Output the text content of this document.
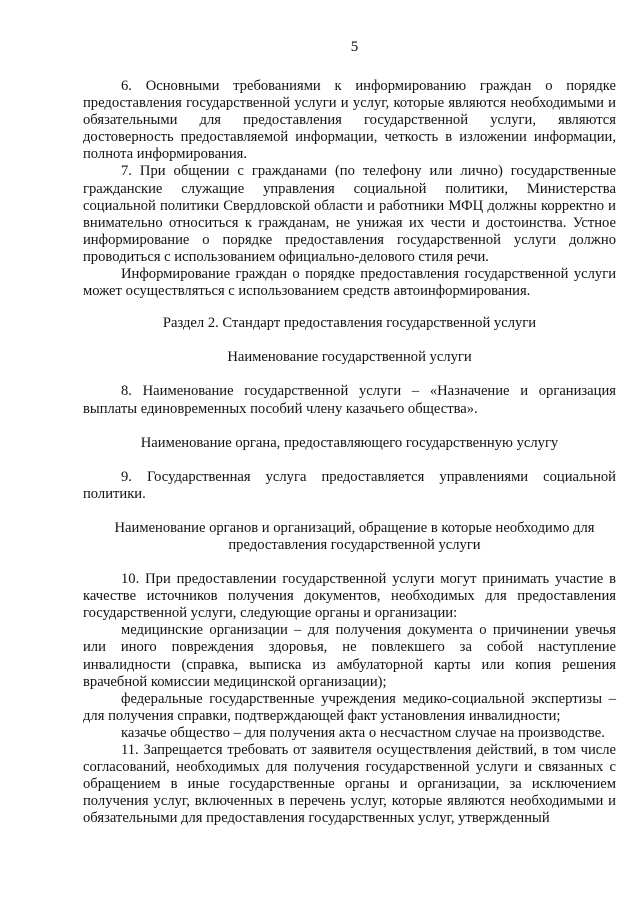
5

6. Основными требованиями к информированию граждан о порядке предоставления государственной услуги и услуг, которые являются необходимыми и обязательными для предоставления государственной услуги, являются достоверность предоставляемой информации, четкость в изложении информации, полнота информирования.

7. При общении с гражданами (по телефону или лично) государственные гражданские служащие управления социальной политики, Министерства социальной политики Свердловской области и работники МФЦ должны корректно и внимательно относиться к гражданам, не унижая их чести и достоинства. Устное информирование о порядке предоставления государственной услуги должно проводиться с использованием официально-делового стиля речи.

Информирование граждан о порядке предоставления государственной услуги может осуществляться с использованием средств автоинформирования.

Раздел 2. Стандарт предоставления государственной услуги
Наименование государственной услуги

8. Наименование государственной услуги – «Назначение и организация выплаты единовременных пособий члену казачьего общества».

Наименование органа, предоставляющего государственную услугу

9. Государственная услуга предоставляется управлениями социальной политики.

Наименование органов и организаций, обращение в которые необходимо для предоставления государственной услуги

10. При предоставлении государственной услуги могут принимать участие в качестве источников получения документов, необходимых для предоставления государственной услуги, следующие органы и организации:

медицинские организации – для получения документа о причинении увечья или иного повреждения здоровья, не повлекшего за собой наступление инвалидности (справка, выписка из амбулаторной карты или копия решения врачебной комиссии медицинской организации);

федеральные государственные учреждения медико-социальной экспертизы – для получения справки, подтверждающей факт установления инвалидности;

казачье общество – для получения акта о несчастном случае на производстве.

11. Запрещается требовать от заявителя осуществления действий, в том числе согласований, необходимых для получения государственной услуги и связанных с обращением в иные государственные органы и организации, за исключением получения услуг, включенных в перечень услуг, которые являются необходимыми и обязательными для предоставления государственных услуг, утвержденный
